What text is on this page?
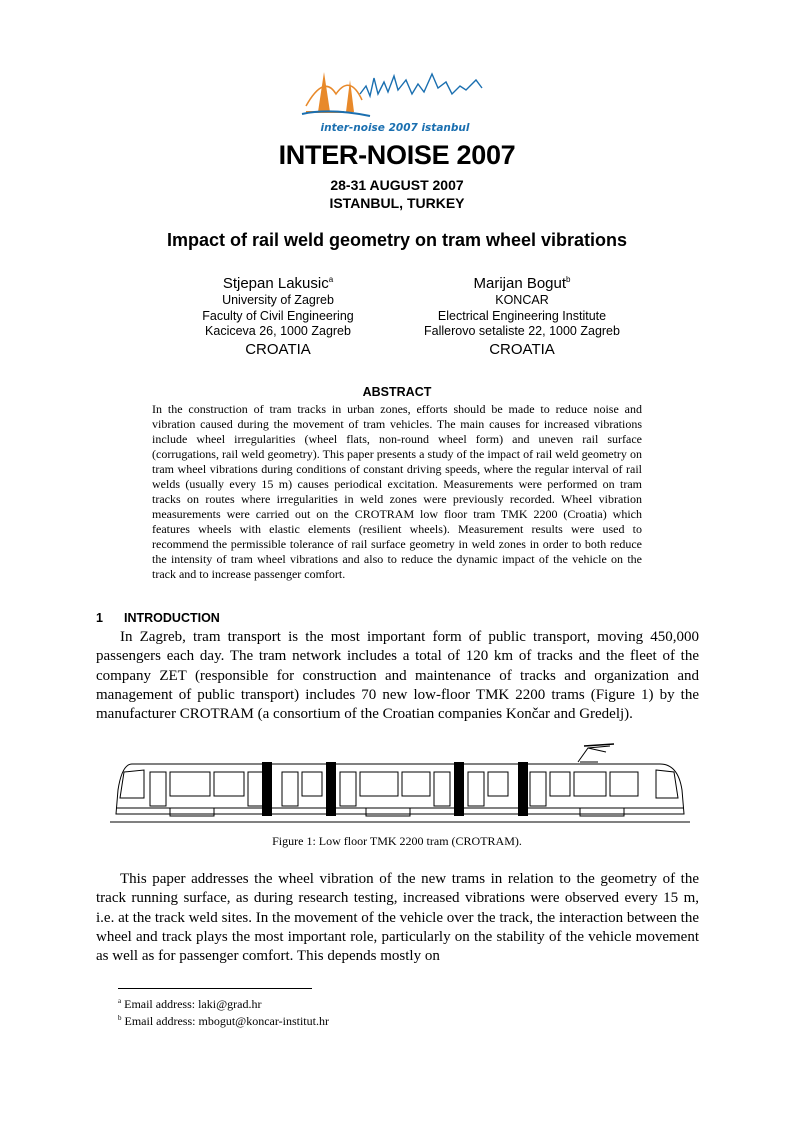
inter-noise 2007 istanbul
INTER-NOISE 2007
28-31 AUGUST 2007
ISTANBUL, TURKEY
Impact of rail weld geometry on tram wheel vibrations
Stjepan Lakusic$^a$
University of Zagreb
Faculty of Civil Engineering
Kaciceva 26, 1000 Zagreb
CROATIA
Marijan Bogut$^b$
KONCAR
Electrical Engineering Institute
Fallerovo setaliste 22, 1000 Zagreb
CROATIA
ABSTRACT
In the construction of tram tracks in urban zones, efforts should be made to reduce noise and vibration caused during the movement of tram vehicles. The main causes for increased vibrations include wheel irregularities (wheel flats, non-round wheel form) and uneven rail surface (corrugations, rail weld geometry). This paper presents a study of the impact of rail weld geometry on tram wheel vibrations during conditions of constant driving speeds, where the regular interval of rail welds (usually every 15 m) causes periodical excitation. Measurements were performed on tram tracks on routes where irregularities in weld zones were previously recorded. Wheel vibration measurements were carried out on the CROTRAM low floor tram TMK 2200 (Croatia) which features wheels with elastic elements (resilient wheels). Measurement results were used to recommend the permissible tolerance of rail surface geometry in weld zones in order to both reduce the intensity of tram wheel vibrations and also to reduce the dynamic impact of the vehicle on the track and to increase passenger comfort.
1 INTRODUCTION
In Zagreb, tram transport is the most important form of public transport, moving 450,000 passengers each day. The tram network includes a total of 120 km of tracks and the fleet of the company ZET (responsible for construction and maintenance of tracks and organization and management of public transport) includes 70 new low-floor TMK 2200 trams (Figure 1) by the manufacturer CROTRAM (a consortium of the Croatian companies Končar and Gredelj).
Figure 1: Low floor TMK 2200 tram (CROTRAM).
This paper addresses the wheel vibration of the new trams in relation to the geometry of the track running surface, as during research testing, increased vibrations were observed every 15 m, i.e. at the track weld sites. In the movement of the vehicle over the track, the interaction between the wheel and track plays the most important role, particularly on the stability of the vehicle movement as well as for passenger comfort. This depends mostly on
$^a$ Email address: laki@grad.hr
$^b$ Email address: mbogut@koncar-institut.hr
